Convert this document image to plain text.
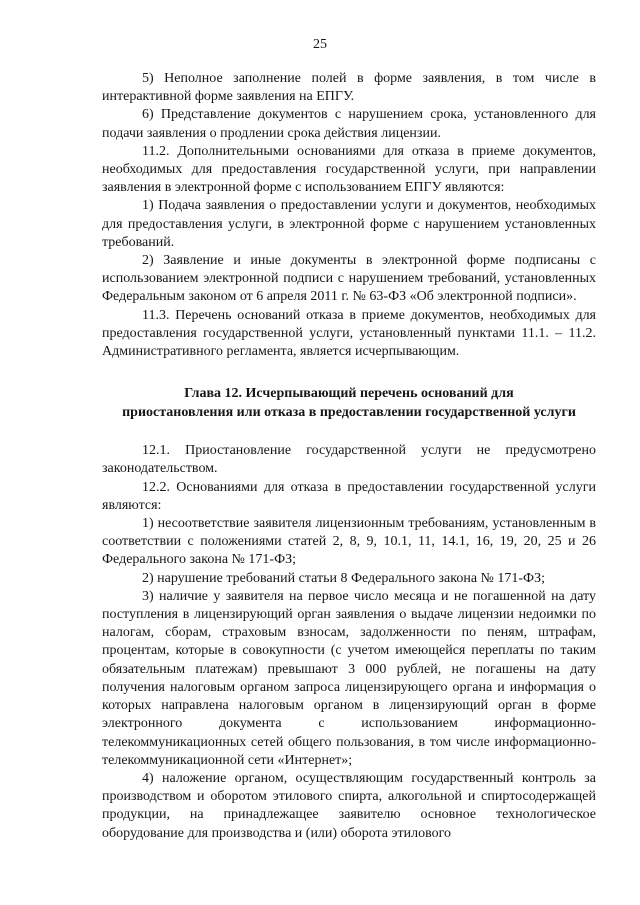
25

5) Неполное заполнение полей в форме заявления, в том числе в интерактивной форме заявления на ЕПГУ.

6) Представление документов с нарушением срока, установленного для подачи заявления о продлении срока действия лицензии.

11.2. Дополнительными основаниями для отказа в приеме документов, необходимых для предоставления государственной услуги, при направлении заявления в электронной форме с использованием ЕПГУ являются:

1) Подача заявления о предоставлении услуги и документов, необходимых для предоставления услуги, в электронной форме с нарушением установленных требований.

2) Заявление и иные документы в электронной форме подписаны с использованием электронной подписи с нарушением требований, установленных Федеральным законом от 6 апреля 2011 г. № 63-ФЗ «Об электронной подписи».

11.3. Перечень оснований отказа в приеме документов, необходимых для предоставления государственной услуги, установленный пунктами 11.1. – 11.2. Административного регламента, является исчерпывающим.

Глава 12. Исчерпывающий перечень оснований для
приостановления или отказа в предоставлении государственной услуги

12.1. Приостановление государственной услуги не предусмотрено законодательством.

12.2. Основаниями для отказа в предоставлении государственной услуги являются:

1) несоответствие заявителя лицензионным требованиям, установленным в соответствии с положениями статей 2, 8, 9, 10.1, 11, 14.1, 16, 19, 20, 25 и 26 Федерального закона № 171-ФЗ;

2) нарушение требований статьи 8 Федерального закона № 171-ФЗ;

3) наличие у заявителя на первое число месяца и не погашенной на дату поступления в лицензирующий орган заявления о выдаче лицензии недоимки по налогам, сборам, страховым взносам, задолженности по пеням, штрафам, процентам, которые в совокупности (с учетом имеющейся переплаты по таким обязательным платежам) превышают 3 000 рублей, не погашены на дату получения налоговым органом запроса лицензирующего органа и информация о которых направлена налоговым органом в лицензирующий орган в форме электронного документа с использованием информационно-телекоммуникационных сетей общего пользования, в том числе информационно-телекоммуникационной сети «Интернет»;

4) наложение органом, осуществляющим государственный контроль за производством и оборотом этилового спирта, алкогольной и спиртосодержащей продукции, на принадлежащее заявителю основное технологическое оборудование для производства и (или) оборота этилового
